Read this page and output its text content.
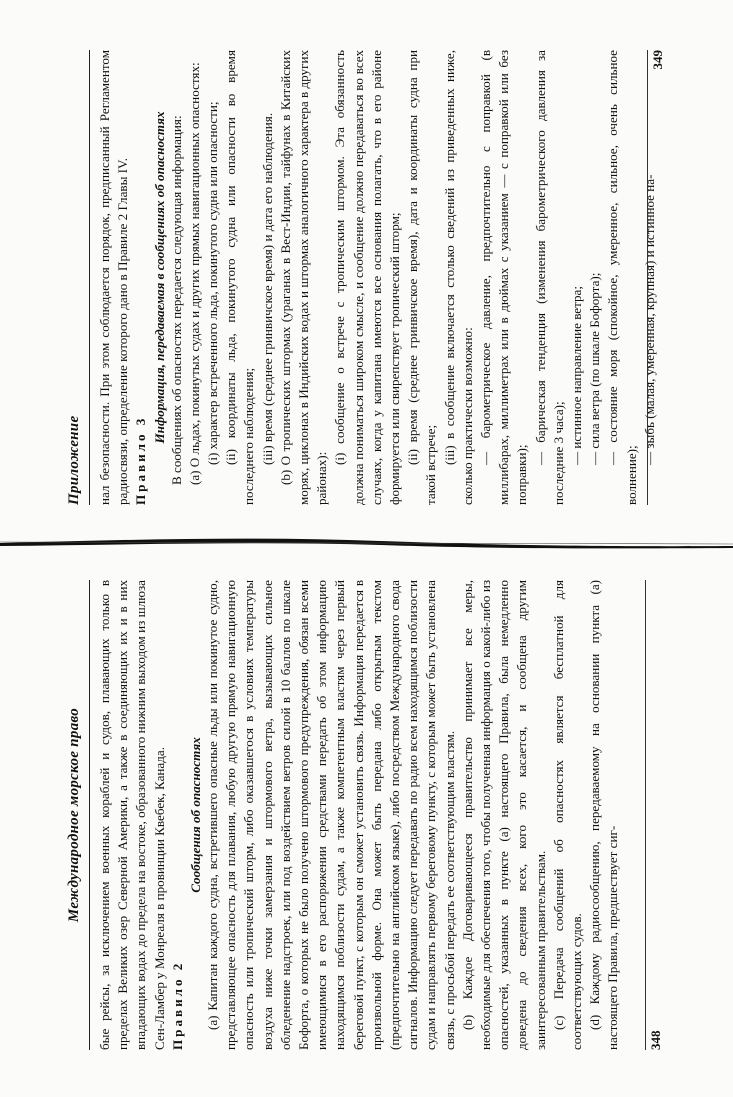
Международное морское право	бые рейсы, за исключением военных кораблей и судов, плавающих только в пределах Великих озер Северной Америки, а также в соединяющих их и в них впадающих водах до предела на востоке, образованного нижним выходом из шлюза Сен-Ламбер у Монреаля в провинции Квебек, Канада. Правило 2

Сообщения об опасностях (a) Капитан каждого судна, встретившего опасные льды или покинутое судно, представляющее опасность для плавания, любую другую прямую навигационную опасность или тропический шторм, либо оказавшегося в условиях температуры воздуха ниже точки замерзания и штормового ветра, вызывающих сильное обледенение надстроек, или под воздействием ветров силой в 10 баллов по шкале Бофорта, о которых не было получено штормового предупреждения, обязан всеми имеющимися в его распоряжении средствами передать об этом информацию находящимся поблизости судам, а также компетентным властям через первый береговой пункт, с которым он сможет установить связь. Информация передается в произвольной форме. Она может быть передана либо открытым текстом (предпочтительно на английском языке), либо посредством Международного свода сигналов. Информацию следует передавать по радио всем находящимся поблизости судам и направлять первому береговому пункту, с которым может быть установлена связь, с просьбой передать ее соответствующим властям. (b) Каждое Договаривающееся правительство принимает все меры, необходимые для обеспечения того, чтобы полученная информация о какой-либо из опасностей, указанных в пункте (a) настоящего Правила, была немедленно доведена до сведения всех, кого это касается, и сообщена другим заинтересованным правительствам. (c) Передача сообщений об опасностях является бесплатной для соответствующих судов. (d) Каждому радиосообщению, передаваемому на основании пункта (a) настоящего Правила, предшествует сиг- 348
Приложение	нал безопасности. При этом соблюдается порядок, предписанный Регламентом радиосвязи, определение которого дано в Правиле 2 Главы IV. Правило 3

Информация, передаваемая в сообщениях об опасностях В сообщениях об опасностях передается следующая информация: (a) О льдах, покинутых судах и других прямых навигационных опасностях: (i) характер встреченного льда, покинутого судна или опасности; (ii) координаты льда, покинутого судна или опасности во время последнего наблюдения; (iii) время (среднее гринвичское время) и дата его наблюдения. (b) О тропических штормах (ураганах в Вест-Индии, тайфунах в Китайских морях, циклонах в Индийских водах и штормах аналогичного характера в других районах):

(i) сообщение о встрече с тропическим штормом. Эта обязанность должна пониматься широком смысле, и сообщение должно передаваться во всех случаях, когда у капитана имеются все основания полагать, что в его районе формируется или свирепствует тропический шторм; (ii) время (среднее гринвичское время), дата и координаты судна при такой встрече; (iii) в сообщение включается столько сведений из приведенных ниже, сколько практически возможно: — барометрическое давление, предпочтительно с поправкой (в миллибарах, миллиметрах или в дюймах с указанием — с поправкой или без поправки);

— барическая тенденция (изменения барометрического давления за последние 3 часа); — истинное направление ветра; — сила ветра (по шкале Бофорта); — состояние моря (спокойное, умеренное, сильное, очень сильное волнение);

— зыбь (малая, умеренная, крупная) и истинное на-

349
